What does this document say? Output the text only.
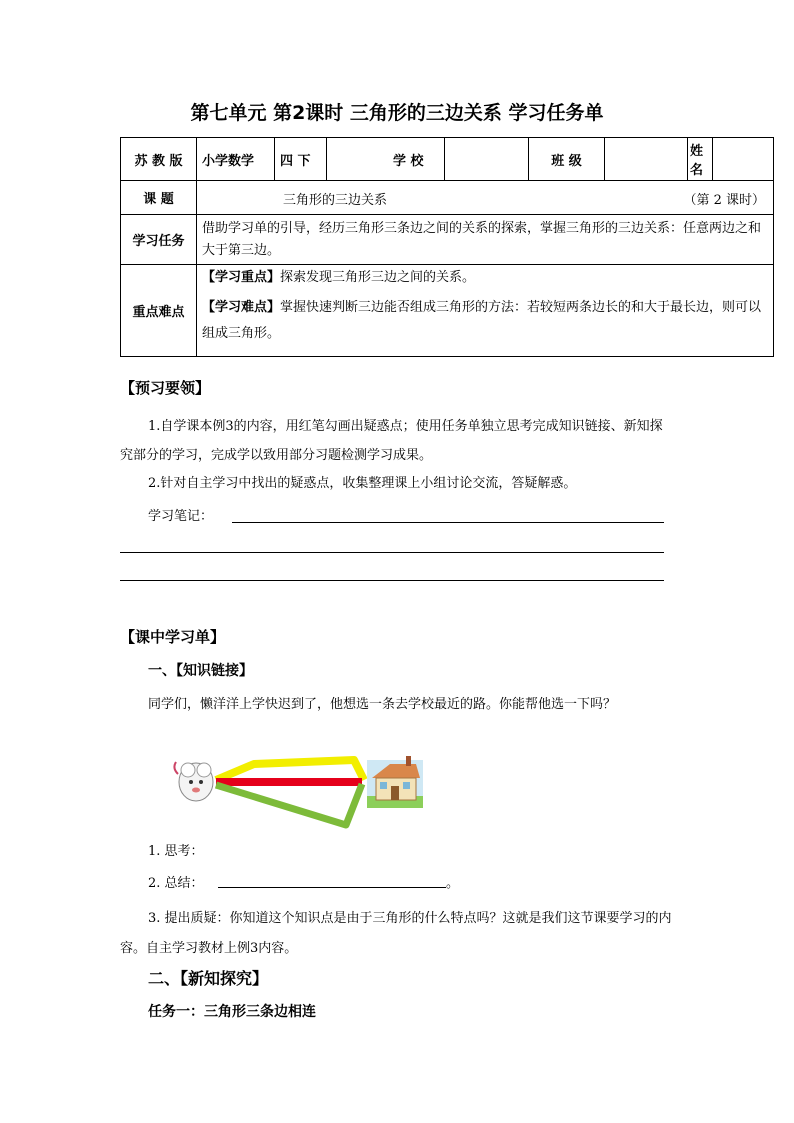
第七单元 第2课时 三角形的三边关系 学习任务单
苏 教 版	小学数学	四 下		学 校		班 级		姓名	
课 题	三角形的三边关系 （第 2 课时）								

学习任务	借助学习单的引导，经历三角形三条边之间的关系的探索，掌握三角形的三边关系：任意两边之和大于第三边。								
重点难点	【学习重点】探索发现三角形三边之间的关系。
【学习难点】掌握快速判断三边能否组成三角形的方法：若较短两条边长的和大于最长边，则可以组成三角形。								
【预习要领】
1.自学课本例3的内容，用红笔勾画出疑惑点；使用任务单独立思考完成知识链接、新知探究部分的学习，完成学以致用部分习题检测学习成果。
2.针对自主学习中找出的疑惑点，收集整理课上小组讨论交流，答疑解惑。
学习笔记：
【课中学习单】
一、【知识链接】
同学们，懒洋洋上学快迟到了，他想选一条去学校最近的路。你能帮他选一下吗？
1. 思考：
2. 总结：	。
3. 提出质疑：你知道这个知识点是由于三角形的什么特点吗？这就是我们这节课要学习的内容。自主学习教材上例3内容。
二、【新知探究】
任务一：三角形三条边相连
